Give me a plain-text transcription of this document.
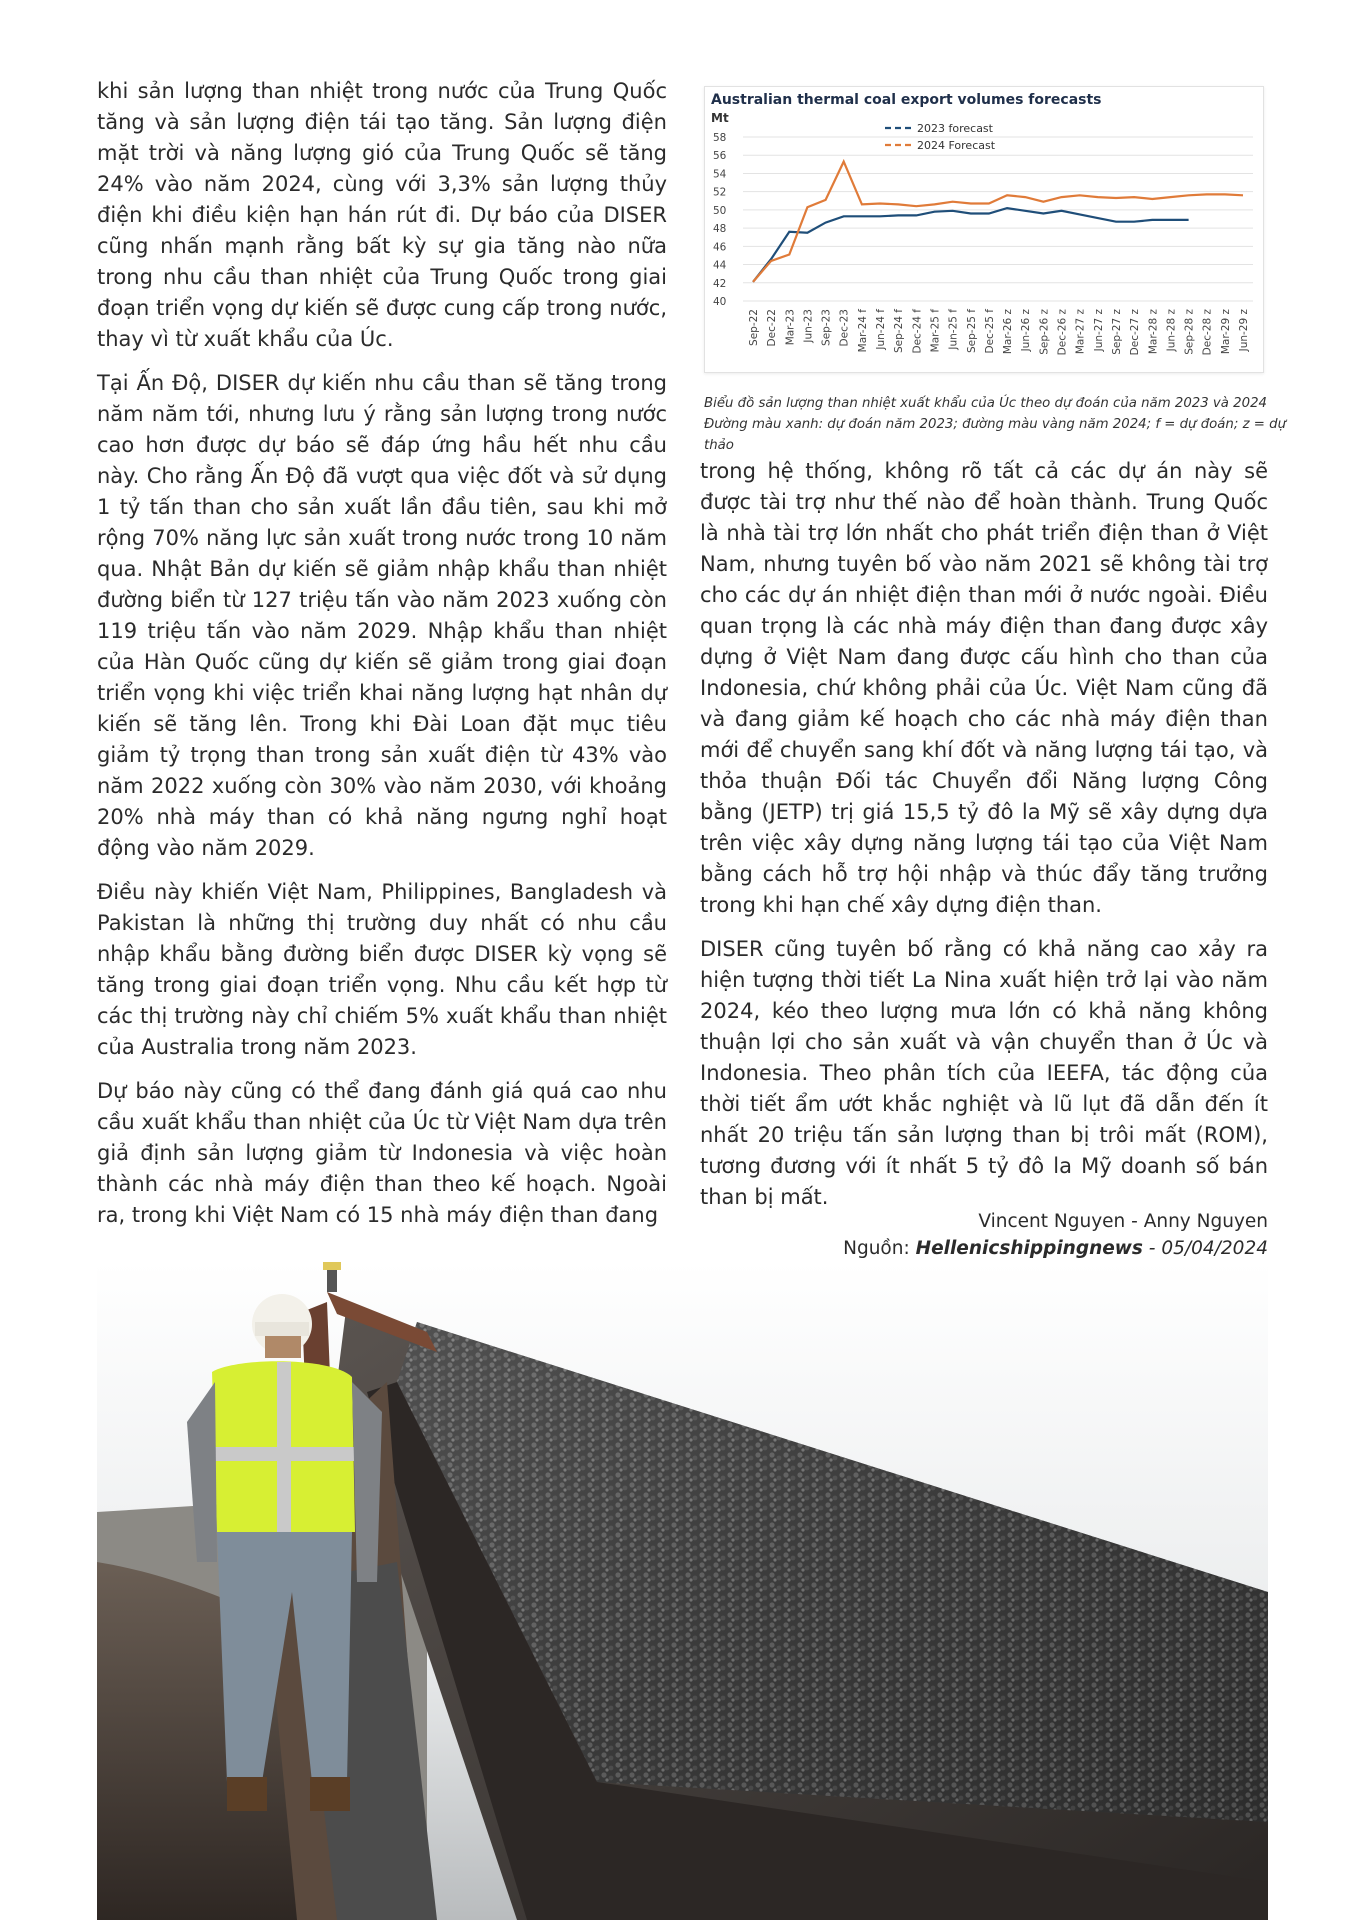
khi sản lượng than nhiệt trong nước của Trung Quốc tăng và sản lượng điện tái tạo tăng. Sản lượng điện mặt trời và năng lượng gió của Trung Quốc sẽ tăng 24% vào năm 2024, cùng với 3,3% sản lượng thủy điện khi điều kiện hạn hán rút đi. Dự báo của DISER cũng nhấn mạnh rằng bất kỳ sự gia tăng nào nữa trong nhu cầu than nhiệt của Trung Quốc trong giai đoạn triển vọng dự kiến sẽ được cung cấp trong nước, thay vì từ xuất khẩu của Úc.

Tại Ấn Độ, DISER dự kiến nhu cầu than sẽ tăng trong năm năm tới, nhưng lưu ý rằng sản lượng trong nước cao hơn được dự báo sẽ đáp ứng hầu hết nhu cầu này. Cho rằng Ấn Độ đã vượt qua việc đốt và sử dụng 1 tỷ tấn than cho sản xuất lần đầu tiên, sau khi mở rộng 70% năng lực sản xuất trong nước trong 10 năm qua. Nhật Bản dự kiến sẽ giảm nhập khẩu than nhiệt đường biển từ 127 triệu tấn vào năm 2023 xuống còn 119 triệu tấn vào năm 2029. Nhập khẩu than nhiệt của Hàn Quốc cũng dự kiến sẽ giảm trong giai đoạn triển vọng khi việc triển khai năng lượng hạt nhân dự kiến sẽ tăng lên. Trong khi Đài Loan đặt mục tiêu giảm tỷ trọng than trong sản xuất điện từ 43% vào năm 2022 xuống còn 30% vào năm 2030, với khoảng 20% nhà máy than có khả năng ngưng nghỉ hoạt động vào năm 2029.

Điều này khiến Việt Nam, Philippines, Bangladesh và Pakistan là những thị trường duy nhất có nhu cầu nhập khẩu bằng đường biển được DISER kỳ vọng sẽ tăng trong giai đoạn triển vọng. Nhu cầu kết hợp từ các thị trường này chỉ chiếm 5% xuất khẩu than nhiệt của Australia trong năm 2023.

Dự báo này cũng có thể đang đánh giá quá cao nhu cầu xuất khẩu than nhiệt của Úc từ Việt Nam dựa trên giả định sản lượng giảm từ Indonesia và việc hoàn thành các nhà máy điện than theo kế hoạch. Ngoài ra, trong khi Việt Nam có 15 nhà máy điện than đang

Australian thermal coal export volumes forecasts
Mt
40
42
44
46
48
50
52
54
56
58
Sep-22 Dec-22 Mar-23 Jun-23 Sep-23 Dec-23 Mar-24 f Jun-24 f Sep-24 f Dec-24 f Mar-25 f Jun-25 f Sep-25 f Dec-25 f Mar-26 z Jun-26 z Sep-26 z Dec-26 z Mar-27 z Jun-27 z Sep-27 z Dec-27 z Mar-28 z Jun-28 z Sep-28 z Dec-28 z Mar-29 z Jun-29 z
2023 forecast
2024 Forecast
Biểu đồ sản lượng than nhiệt xuất khẩu của Úc theo dự đoán của năm 2023 và 2024
Đường màu xanh: dự đoán năm 2023; đường màu vàng năm 2024; f = dự đoán; z = dự thảo

trong hệ thống, không rõ tất cả các dự án này sẽ được tài trợ như thế nào để hoàn thành. Trung Quốc là nhà tài trợ lớn nhất cho phát triển điện than ở Việt Nam, nhưng tuyên bố vào năm 2021 sẽ không tài trợ cho các dự án nhiệt điện than mới ở nước ngoài. Điều quan trọng là các nhà máy điện than đang được xây dựng ở Việt Nam đang được cấu hình cho than của Indonesia, chứ không phải của Úc. Việt Nam cũng đã và đang giảm kế hoạch cho các nhà máy điện than mới để chuyển sang khí đốt và năng lượng tái tạo, và thỏa thuận Đối tác Chuyển đổi Năng lượng Công bằng (JETP) trị giá 15,5 tỷ đô la Mỹ sẽ xây dựng dựa trên việc xây dựng năng lượng tái tạo của Việt Nam bằng cách hỗ trợ hội nhập và thúc đẩy tăng trưởng trong khi hạn chế xây dựng điện than.

DISER cũng tuyên bố rằng có khả năng cao xảy ra hiện tượng thời tiết La Nina xuất hiện trở lại vào năm 2024, kéo theo lượng mưa lớn có khả năng không thuận lợi cho sản xuất và vận chuyển than ở Úc và Indonesia. Theo phân tích của IEEFA, tác động của thời tiết ẩm ướt khắc nghiệt và lũ lụt đã dẫn đến ít nhất 20 triệu tấn sản lượng than bị trôi mất (ROM), tương đương với ít nhất 5 tỷ đô la Mỹ doanh số bán than bị mất.

Vincent Nguyen - Anny Nguyen
Nguồn: Hellenicshippingnews - 05/04/2024
